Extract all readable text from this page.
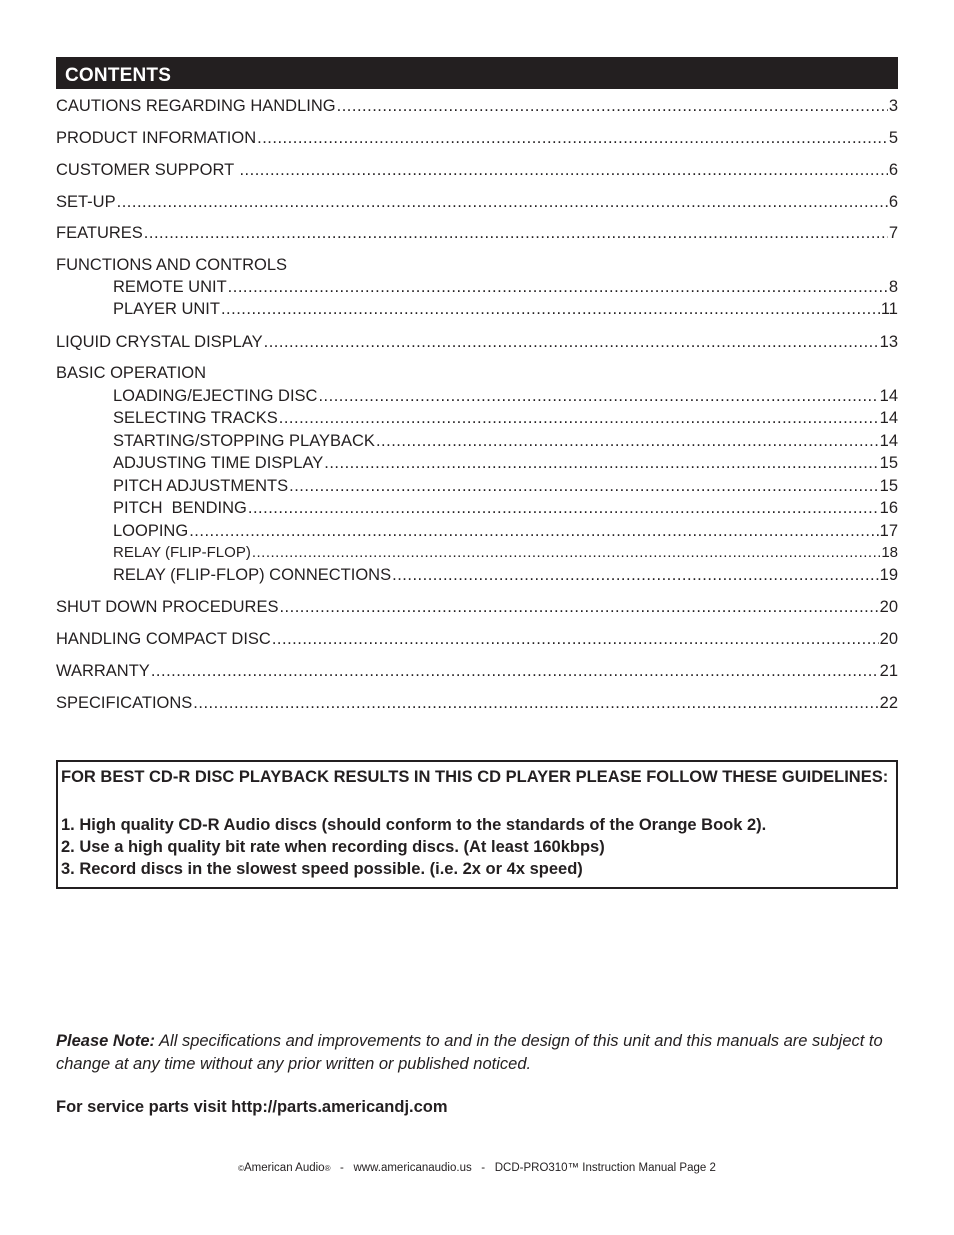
CONTENTS
CAUTIONS REGARDING HANDLING .....	3
PRODUCT INFORMATION .....	5
CUSTOMER SUPPORT .....	6
SET-UP .....	6
FEATURES .....	7
FUNCTIONS AND CONTROLS
REMOTE UNIT .....	8
PLAYER UNIT .....	11
LIQUID CRYSTAL DISPLAY .....	13
BASIC OPERATION
LOADING/EJECTING DISC .....	14
SELECTING TRACKS .....	14
STARTING/STOPPING PLAYBACK .....	14
ADJUSTING TIME DISPLAY .....	15
PITCH ADJUSTMENTS .....	15
PITCH  BENDING .....	16
LOOPING .....	17
RELAY (FLIP-FLOP) .....	18
RELAY (FLIP-FLOP) CONNECTIONS .....	19
SHUT DOWN PROCEDURES .....	20
HANDLING COMPACT DISC .....	20
WARRANTY .....	21
SPECIFICATIONS .....	22
FOR BEST CD-R DISC PLAYBACK RESULTS IN THIS CD PLAYER PLEASE FOLLOW THESE GUIDELINES:
1. High quality CD-R Audio discs (should conform to the standards of the Orange Book 2).
2. Use a high quality bit rate when recording discs. (At least 160kbps)
3. Record discs in the slowest speed possible. (i.e. 2x or 4x speed)
Please Note: All specifications and improvements to and in the design of this unit and this manuals are subject to change at any time without any prior written or published noticed.
For service parts visit http://parts.americandj.com
©American Audio®   -   www.americanaudio.us   -   DCD-PRO310™ Instruction Manual Page 2
